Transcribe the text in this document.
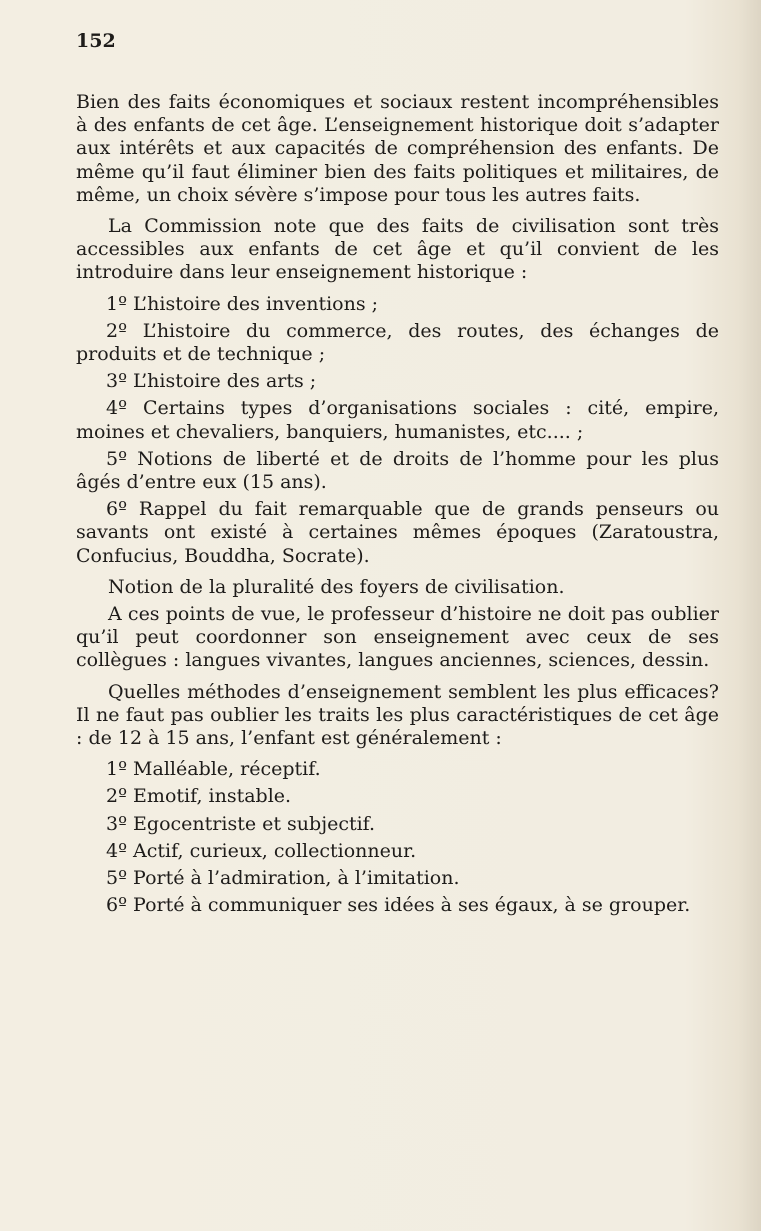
152

Bien des faits économiques et sociaux restent incompréhensibles à des enfants de cet âge. L’enseignement historique doit s’adapter aux intérêts et aux capacités de compréhension des enfants. De même qu’il faut éliminer bien des faits politiques et militaires, de même, un choix sévère s’impose pour tous les autres faits.

La Commission note que des faits de civilisation sont très accessibles aux enfants de cet âge et qu’il convient de les introduire dans leur enseignement historique :

1º L’histoire des inventions ;

2º L’histoire du commerce, des routes, des échanges de produits et de technique ;

3º L’histoire des arts ;

4º Certains types d’organisations sociales : cité, empire, moines et chevaliers, banquiers, humanistes, etc.... ;

5º Notions de liberté et de droits de l’homme pour les plus âgés d’entre eux (15 ans).

6º Rappel du fait remarquable que de grands penseurs ou savants ont existé à certaines mêmes époques (Zaratoustra, Confucius, Bouddha, Socrate).

Notion de la pluralité des foyers de civilisation.

A ces points de vue, le professeur d’histoire ne doit pas oublier qu’il peut coordonner son enseignement avec ceux de ses collègues : langues vivantes, langues anciennes, sciences, dessin.

Quelles méthodes d’enseignement semblent les plus efficaces? Il ne faut pas oublier les traits les plus caractéristiques de cet âge : de 12 à 15 ans, l’enfant est généralement :

1º Malléable, réceptif.

2º Emotif, instable.

3º Egocentriste et subjectif.

4º Actif, curieux, collectionneur.

5º Porté à l’admiration, à l’imitation.

6º Porté à communiquer ses idées à ses égaux, à se grouper.
